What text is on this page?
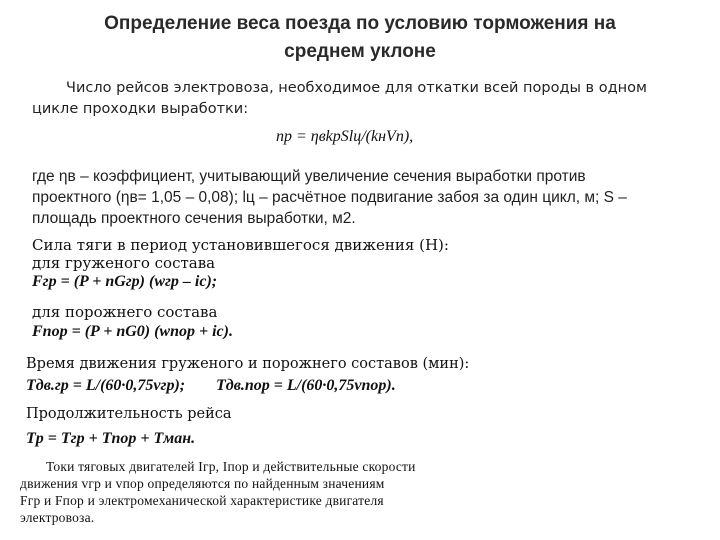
Определение веса поезда по условию торможения на
среднем уклоне
Число рейсов электровоза, необходимое для откатки всей породы в одном
цикле проходки выработки:
nр = ηвkрSlц/(kнVn),
где ηв – коэффициент, учитывающий увеличение сечения выработки против
проектного (ηв= 1,05 – 0,08); lц – расчётное подвигание забоя за один цикл, м; S –
площадь проектного сечения выработки, м2.
Сила тяги в период установившегося движения (Н):
для груженого состава
Fгр = (P + nGгр) (wгр – ic);
для порожнего состава
Fпор = (P + nG0) (wпор + ic).
Время движения груженого и порожнего составов (мин):
Tдв.гр = L/(60·0,75vгр); Tдв.пор = L/(60·0,75vпор).
Продолжительность рейса
Tр = Tгр + Tпор + Tман.
Токи тяговых двигателей Iгр, Iпор и действительные скорости
движения vгр и vпор определяются по найденным значениям
Fгр и Fпор и электромеханической характеристике двигателя
электровоза.
